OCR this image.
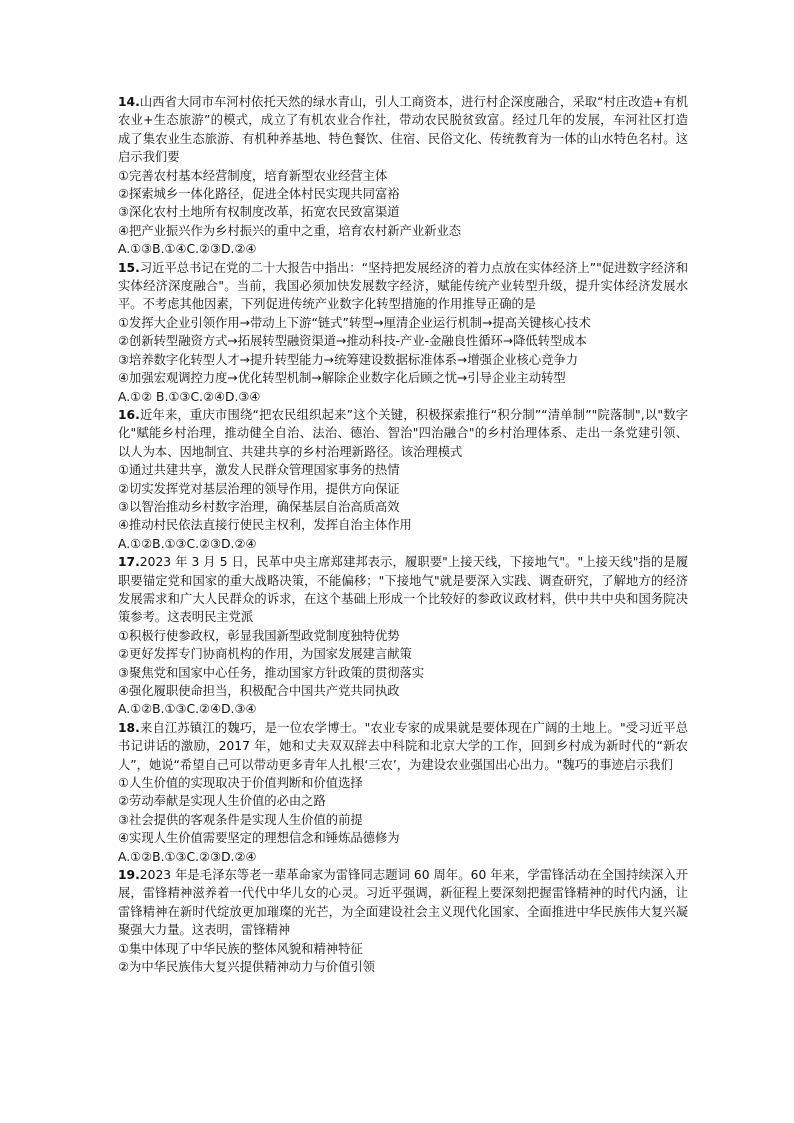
14.山西省大同市车河村依托天然的绿水青山，引人工商资本，进行村企深度融合，采取“村庄改造+有机农业+生态旅游”的模式，成立了有机农业合作社，带动农民脱贫致富。经过几年的发展，车河社区打造成了集农业生态旅游、有机种养基地、特色餐饮、住宿、民俗文化、传统教育为一体的山水特色名村。这启示我们要

①完善农村基本经营制度，培育新型农业经营主体

②探索城乡一体化路径，促进全体村民实现共同富裕

③深化农村土地所有权制度改革，拓宽农民致富渠道

④把产业振兴作为乡村振兴的重中之重，培育农村新产业新业态

A.①③B.①④C.②③D.②④

15.习近平总书记在党的二十大报告中指出：“坚持把发展经济的着力点放在实体经济上”"促进数字经济和实体经济深度融合"。当前，我国必须加快发展数字经济，赋能传统产业转型升级，提升实体经济发展水平。不考虑其他因素，下列促进传统产业数字化转型措施的作用推导正确的是

①发挥大企业引领作用→带动上下游“链式”转型→厘清企业运行机制→提高关键核心技术

②创新转型融资方式→拓展转型融资渠道→推动科技-产业-金融良性循环→降低转型成本

③培养数字化转型人才→提升转型能力→统筹建设数据标准体系→增强企业核心竞争力

④加强宏观调控力度→优化转型机制→解除企业数字化后顾之忧→引导企业主动转型

A.①② B.①③C.②④D.③④

16.近年来，重庆市围绕“把农民组织起来”这个关键，积极探索推行“积分制”“清单制”"院落制",以"数字化"赋能乡村治理，推动健全自治、法治、德治、智治"四治融合"的乡村治理体系、走出一条党建引领、以人为本、因地制宜、共建共享的乡村治理新路径。该治理模式

①通过共建共享，激发人民群众管理国家事务的热情

②切实发挥党对基层治理的领导作用，提供方向保证

③以智治推动乡村数字治理，确保基层自治高质高效

④推动村民依法直接行使民主权利，发挥自治主体作用

A.①②B.①③C.②③D.②④

17.2023 年 3 月 5 日，民革中央主席郑建邦表示，履职要"上接天线，下接地气"。"上接天线"指的是履职要锚定党和国家的重大战略决策，不能偏移；"下接地气"就是要深入实践、调查研究，了解地方的经济发展需求和广大人民群众的诉求，在这个基础上形成一个比较好的参政议政材料，供中共中央和国务院决策参考。这表明民主党派

①积极行使参政权，彰显我国新型政党制度独特优势

②更好发挥专门协商机构的作用，为国家发展建言献策

③聚焦党和国家中心任务，推动国家方针政策的贯彻落实

④强化履职使命担当，积极配合中国共产党共同执政

A.①②B.①③C.②④D.③④

18.来自江苏镇江的魏巧，是一位农学博士。"农业专家的成果就是要体现在广阔的土地上。"受习近平总书记讲话的激励，2017 年，她和丈夫双双辞去中科院和北京大学的工作，回到乡村成为新时代的“新农人”，她说“希望自己可以带动更多青年人扎根‘三农’，为建设农业强国出心出力。"魏巧的事迹启示我们

①人生价值的实现取决于价值判断和价值选择

②劳动奉献是实现人生价值的必由之路

③社会提供的客观条件是实现人生价值的前提

④实现人生价值需要坚定的理想信念和锤炼品德修为

A.①②B.①③C.②③D.②④

19.2023 年是毛泽东等老一辈革命家为雷锋同志题词 60 周年。60 年来，学雷锋活动在全国持续深入开展，雷锋精神滋养着一代代中华儿女的心灵。习近平强调，新征程上要深刻把握雷锋精神的时代内涵，让雷锋精神在新时代绽放更加璀璨的光芒，为全面建设社会主义现代化国家、全面推进中华民族伟大复兴凝聚强大力量。这表明，雷锋精神

①集中体现了中华民族的整体风貌和精神特征

②为中华民族伟大复兴提供精神动力与价值引领
